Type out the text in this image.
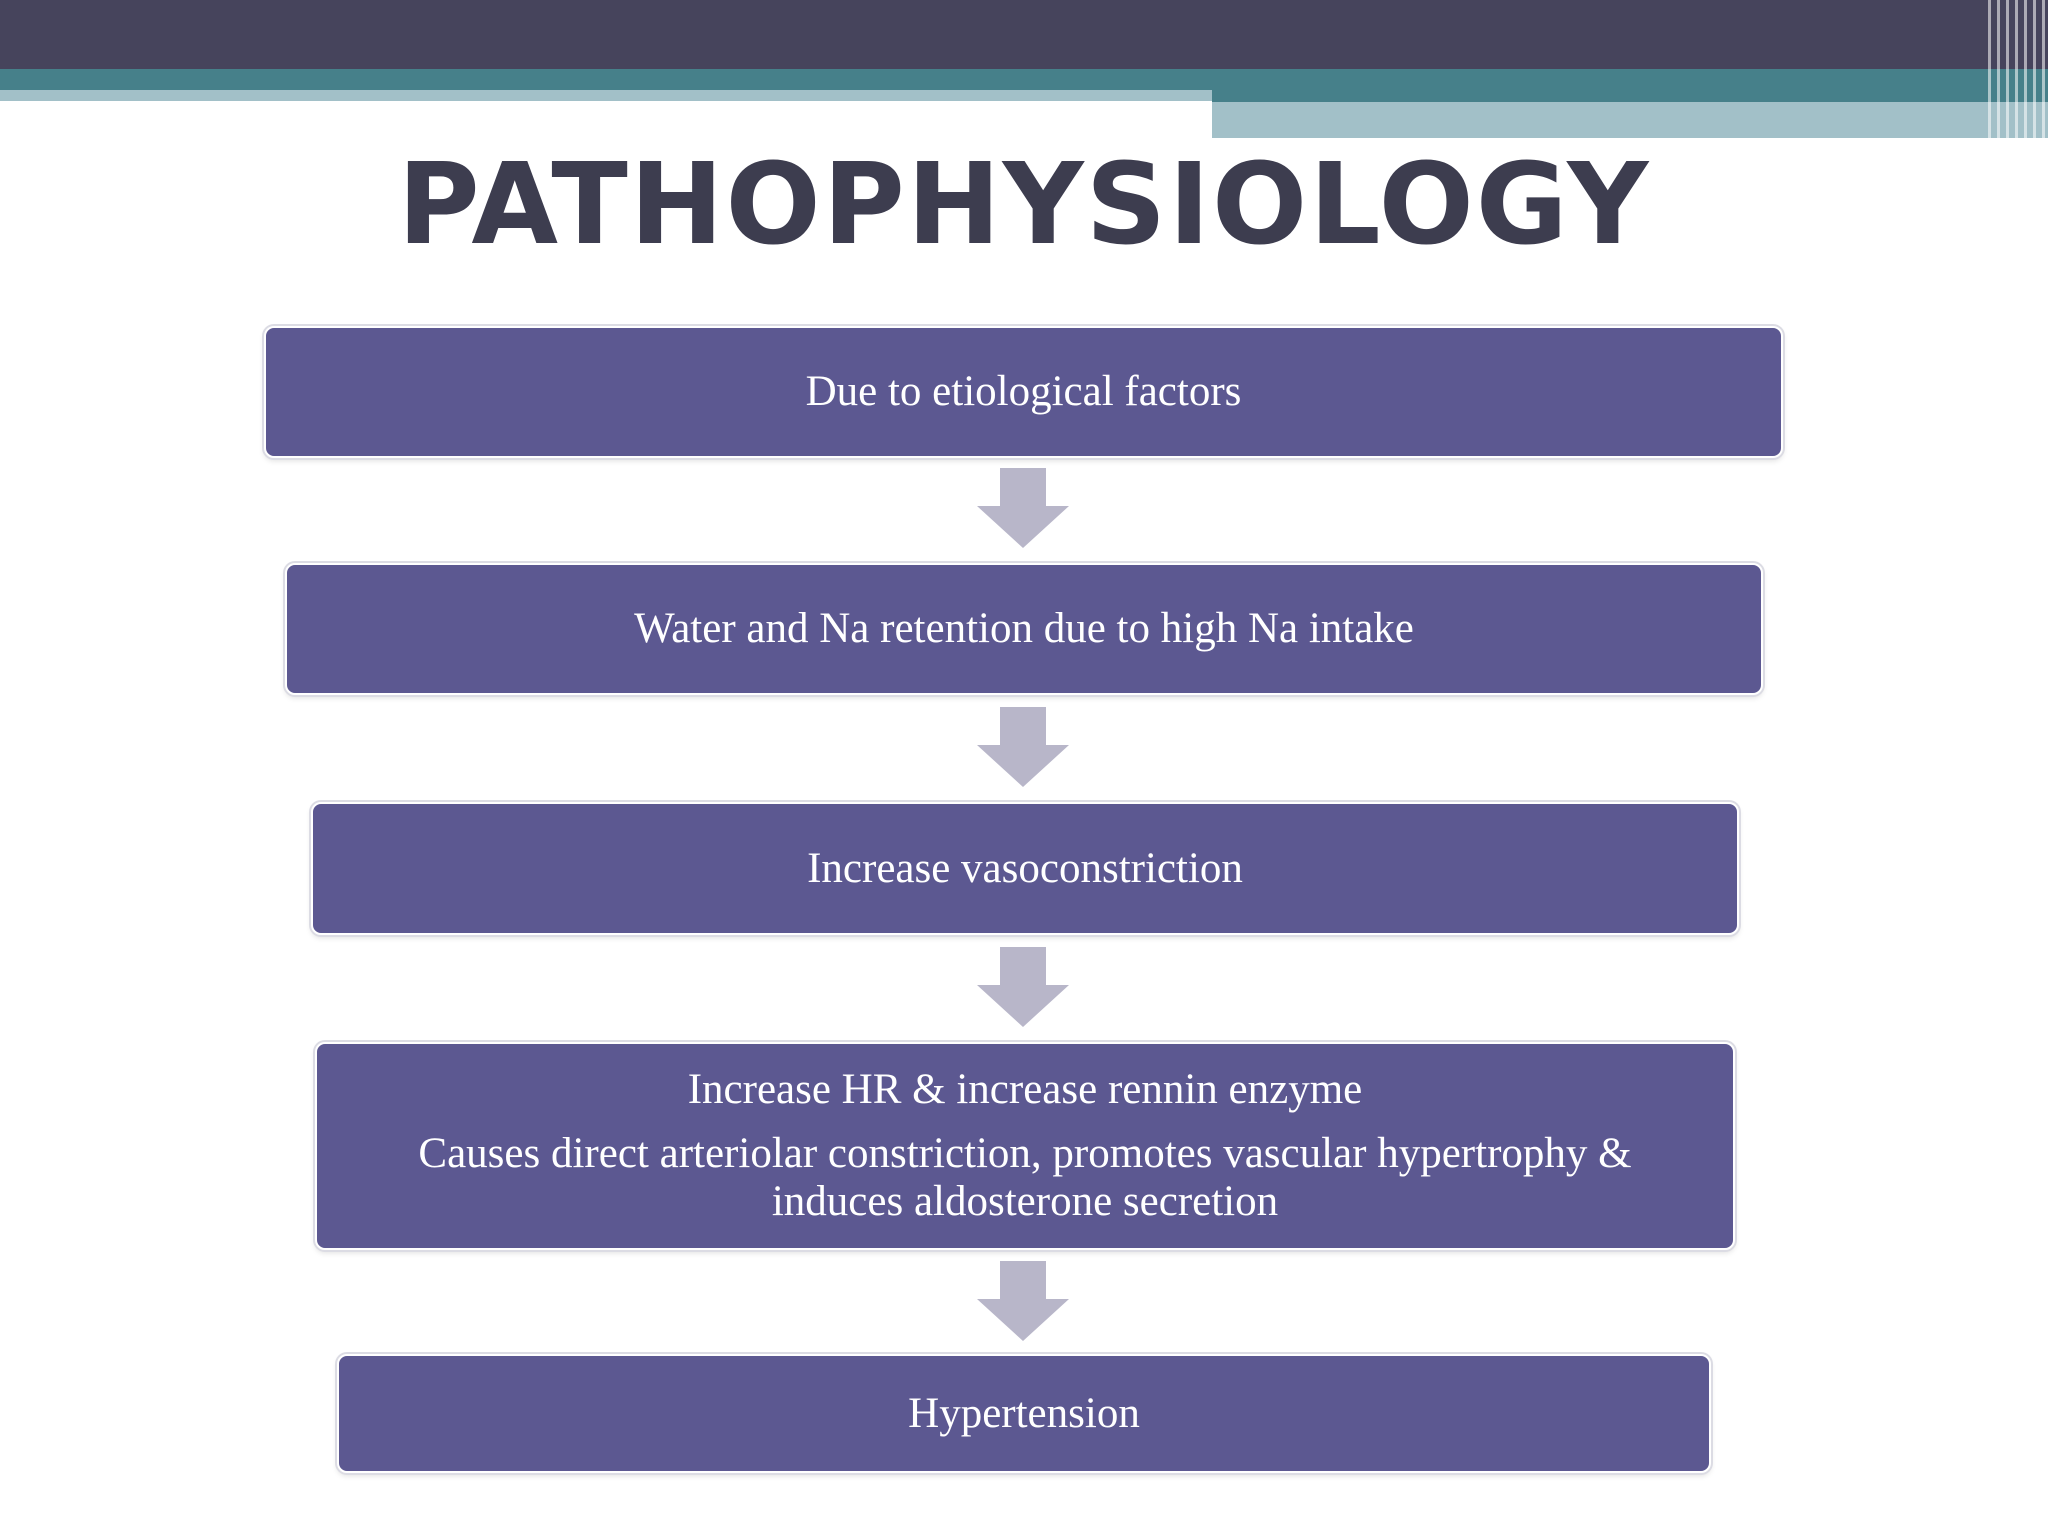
PATHOPHYSIOLOGY
Due to etiological factors
Water and Na retention due to high Na intake
Increase vasoconstriction
Increase HR & increase rennin enzyme
Causes direct arteriolar constriction, promotes vascular hypertrophy & induces aldosterone secretion
Hypertension
